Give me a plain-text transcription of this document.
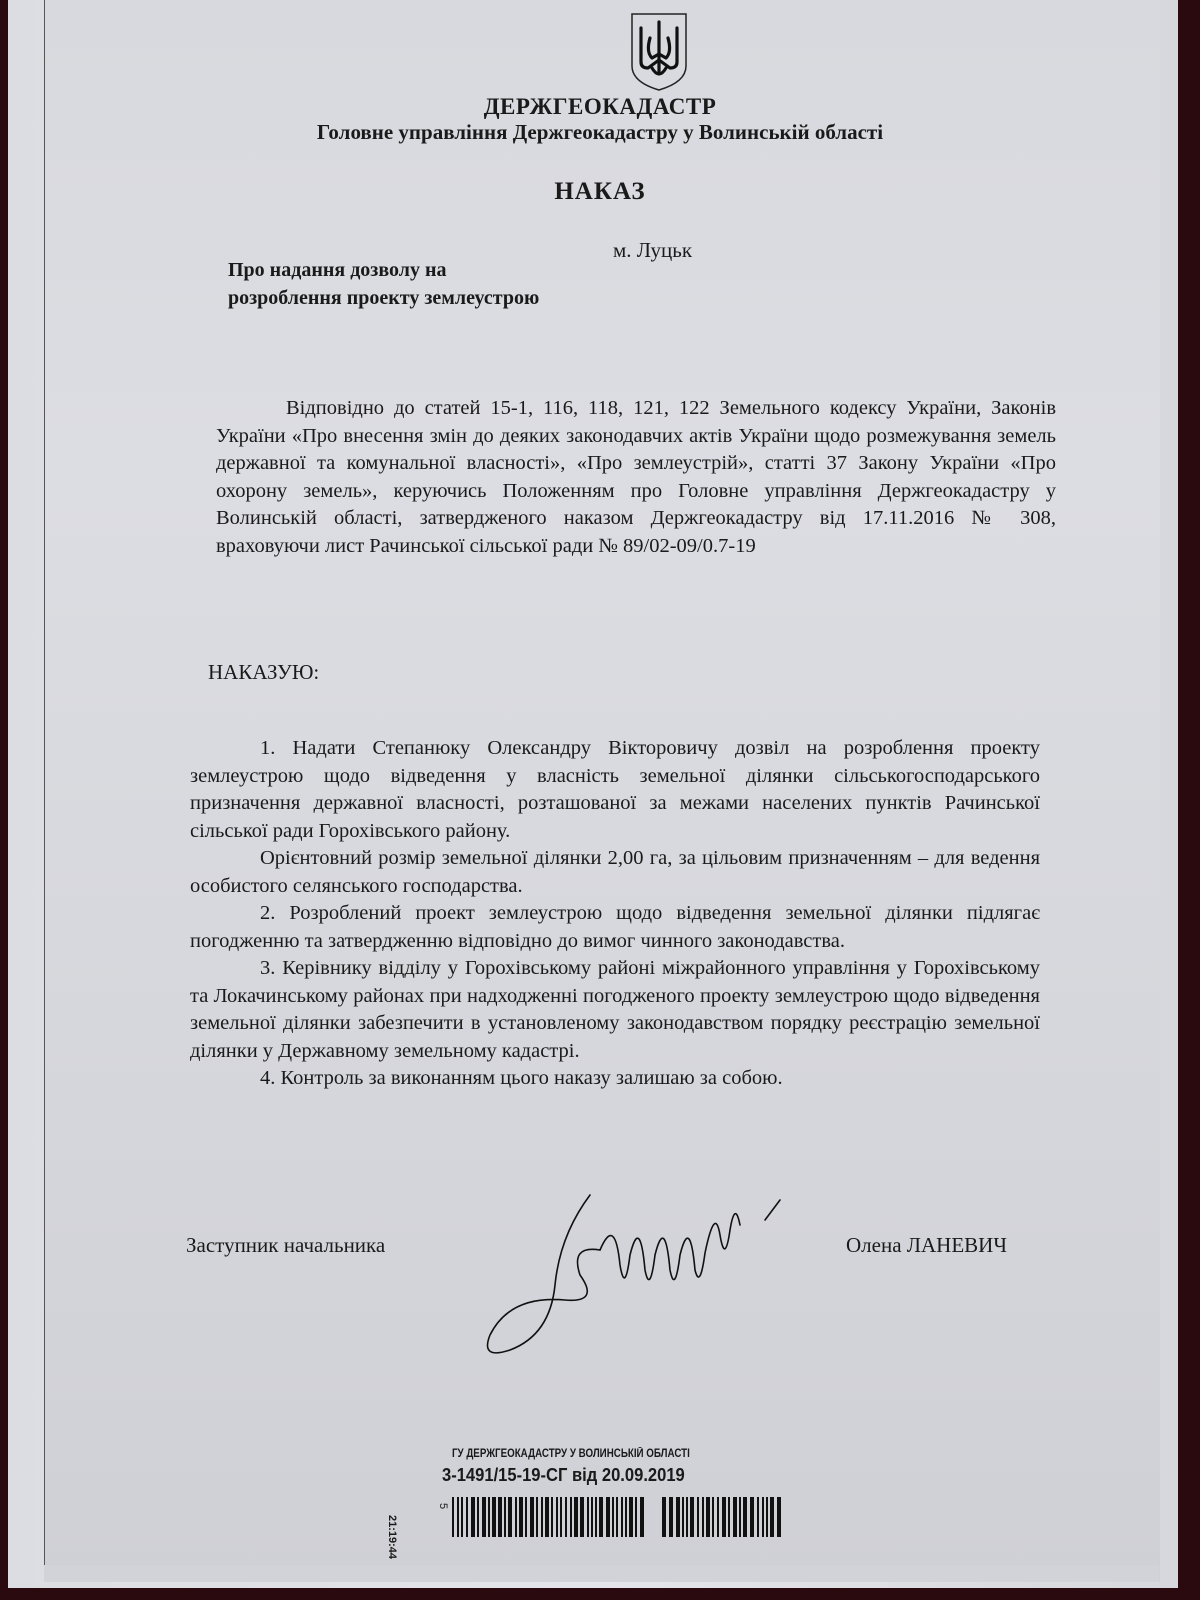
ДЕРЖГЕОКАДАСТР
Головне управління Держгеокадастру у Волинській області
НАКАЗ
м. Луцьк
Про надання дозволу на розроблення проекту землеустрою
Відповідно до статей 15-1, 116, 118, 121, 122 Земельного кодексу України, Законів України «Про внесення змін до деяких законодавчих актів України щодо розмежування земель державної та комунальної власності», «Про землеустрій», статті 37 Закону України «Про охорону земель», керуючись Положенням про Головне управління Держгеокадастру у Волинській області, затвердженого наказом Держгеокадастру від 17.11.2016 № 308, враховуючи лист Рачинської сільської ради № 89/02-09/0.7-19
НАКАЗУЮ:

1. Надати Степанюку Олександру Вікторовичу дозвіл на розроблення проекту землеустрою щодо відведення у власність земельної ділянки сільськогосподарського призначення державної власності, розташованої за межами населених пунктів Рачинської сільської ради Горохівського району.

Орієнтовний розмір земельної ділянки 2,00 га, за цільовим призначенням – для ведення особистого селянського господарства.

2. Розроблений проект землеустрою щодо відведення земельної ділянки підлягає погодженню та затвердженню відповідно до вимог чинного законодавства.

3. Керівнику відділу у Горохівському районі міжрайонного управління у Горохівському та Локачинському районах при надходженні погодженого проекту землеустрою щодо відведення земельної ділянки забезпечити в установленому законодавством порядку реєстрацію земельної ділянки у Державному земельному кадастрі.

4. Контроль за виконанням цього наказу залишаю за собою.

Заступник начальника	Олена ЛАНЕВИЧ
ГУ ДЕРЖГЕОКАДАСТРУ У ВОЛИНСЬКІЙ ОБЛАСТІ
3-1491/15-19-СГ від 20.09.2019
21:19:44
5
